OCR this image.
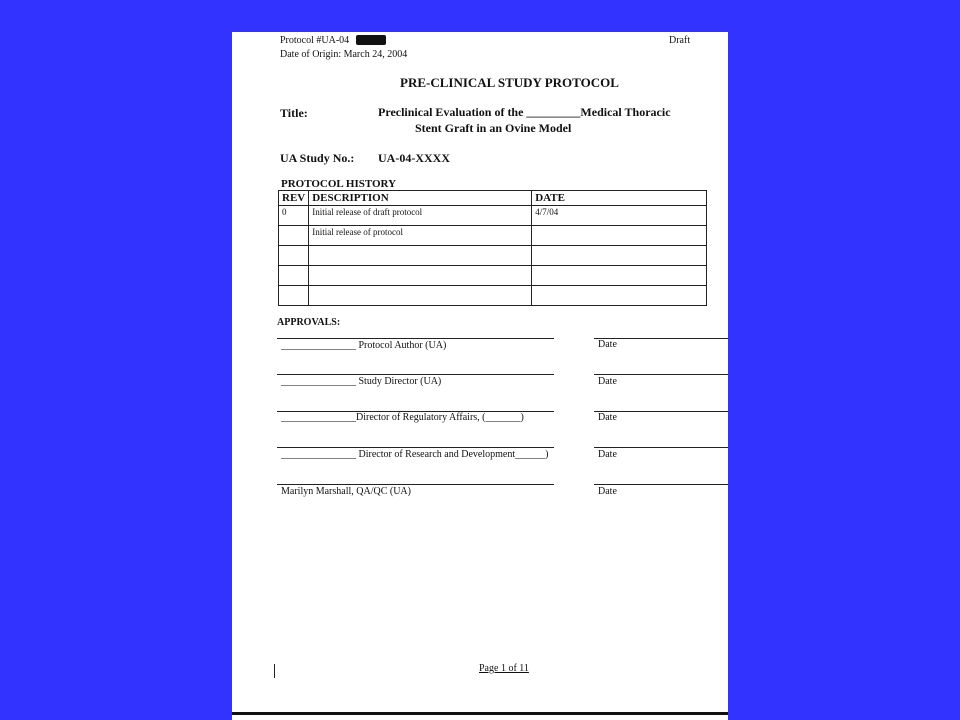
Protocol #UA-04
Date of Origin: March 24, 2004
Draft
PRE-CLINICAL STUDY PROTOCOL
Title:	Preclinical Evaluation of the _________Medical Thoracic
Stent Graft in an Ovine Model
UA Study No.: UA-04-XXXX
PROTOCOL HISTORY
REV	DESCRIPTION	DATE
0	Initial release of draft protocol	4/7/04
	Initial release of protocol	

APPROVALS:
_______________ Protocol Author (UA)	Date
_______________ Study Director (UA)	Date
_______________Director of Regulatory Affairs, (_______)	Date
_______________ Director of Research and Development______)	Date
Marilyn Marshall, QA/QC (UA)	Date
Page 1 of 11
